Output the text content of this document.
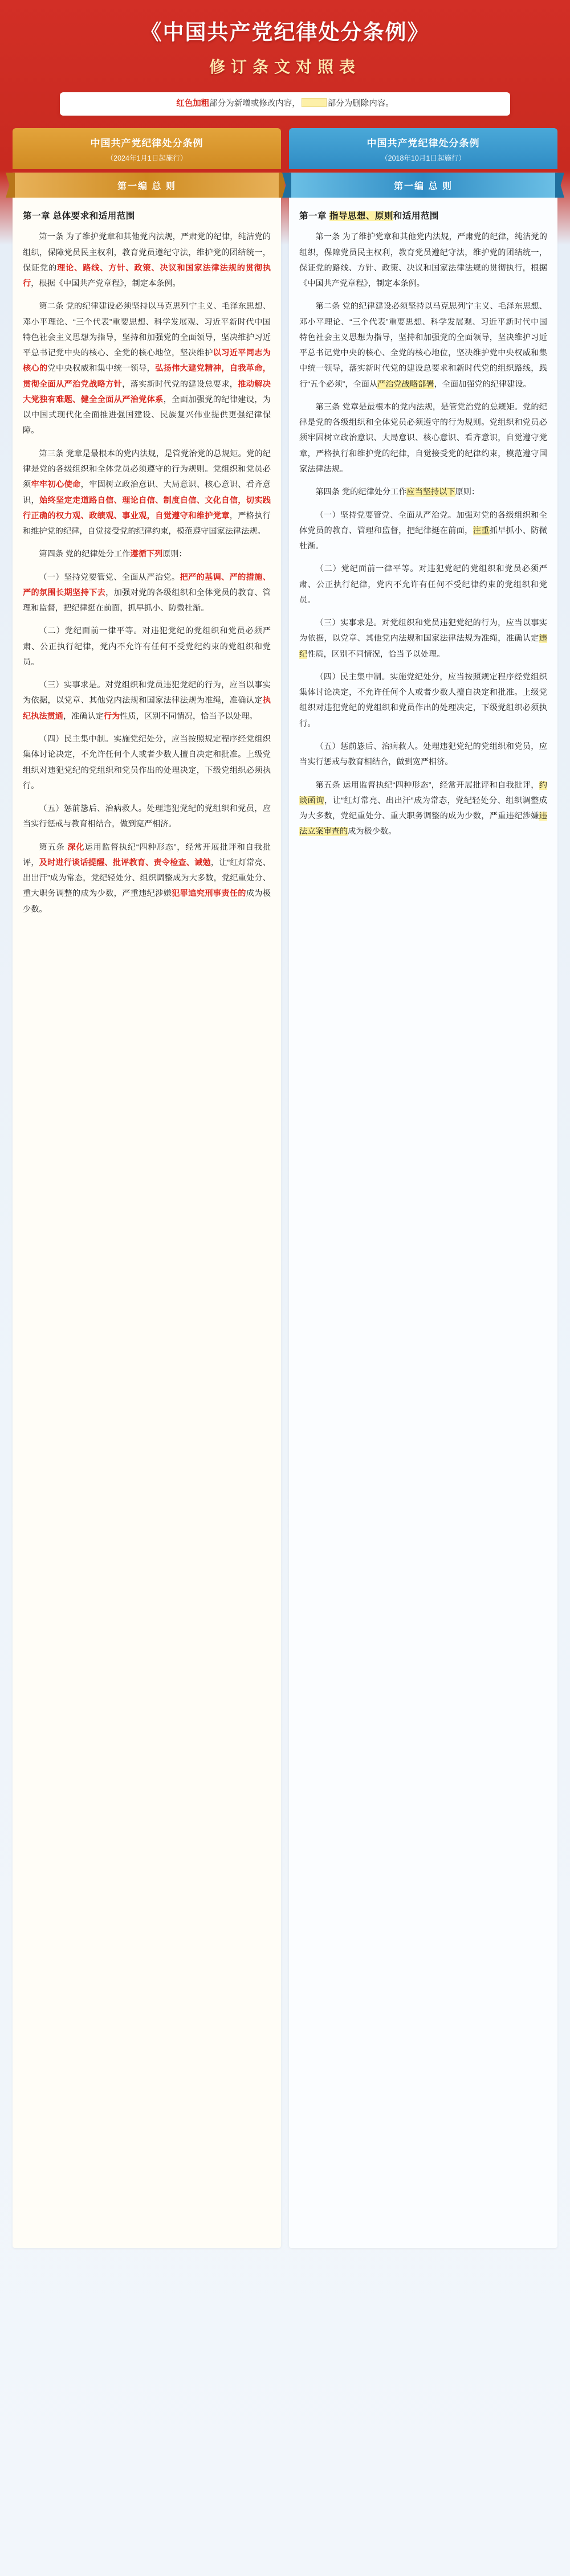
《中国共产党纪律处分条例》
修订条文对照表
红色加粗部分为新增或修改内容，	部分为删除内容。
中国共产党纪律处分条例
（2024年1月1日起施行）
第一编 总 则
第一章 总体要求和适用范围
第一条 为了维护党章和其他党内法规，严肃党的纪律，纯洁党的组织，保障党员民主权利，教育党员遵纪守法，维护党的团结统一，保证党的理论、路线、方针、政策、决议和国家法律法规的贯彻执行，根据《中国共产党章程》，制定本条例。
第二条 党的纪律建设必须坚持以马克思列宁主义、毛泽东思想、邓小平理论、“三个代表”重要思想、科学发展观、习近平新时代中国特色社会主义思想为指导，坚持和加强党的全面领导，坚决维护习近平总书记党中央的核心、全党的核心地位，坚决维护以习近平同志为核心的党中央权威和集中统一领导，弘扬伟大建党精神，自我革命，贯彻全面从严治党战略方针，落实新时代党的建设总要求，推动解决大党独有难题、健全全面从严治党体系，全面加强党的纪律建设，为以中国式现代化全面推进强国建设、民族复兴伟业提供更强纪律保障。
第三条 党章是最根本的党内法规，是管党治党的总规矩。党的纪律是党的各级组织和全体党员必须遵守的行为规则。党组织和党员必须牢牢初心使命，牢固树立政治意识、大局意识、核心意识、看齐意识，始终坚定走道路自信、理论自信、制度自信、文化自信，切实践行正确的权力观、政绩观、事业观，自觉遵守和维护党章，严格执行和维护党的纪律，自觉接受党的纪律约束，模范遵守国家法律法规。
第四条 党的纪律处分工作遵循下列原则：
（一）坚持党要管党、全面从严治党。把严的基调、严的措施、严的氛围长期坚持下去，加强对党的各级组织和全体党员的教育、管理和监督，把纪律挺在前面，抓早抓小、防微杜渐。
（二）党纪面前一律平等。对违犯党纪的党组织和党员必须严肃、公正执行纪律，党内不允许有任何不受党纪约束的党组织和党员。
（三）实事求是。对党组织和党员违犯党纪的行为，应当以事实为依据，以党章、其他党内法规和国家法律法规为准绳，准确认定执纪执法贯通，准确认定行为性质，区别不同情况，恰当予以处理。
（四）民主集中制。实施党纪处分，应当按照规定程序经党组织集体讨论决定，不允许任何个人或者少数人擅自决定和批准。上级党组织对违犯党纪的党组织和党员作出的处理决定，下级党组织必须执行。
（五）惩前毖后、治病救人。处理违犯党纪的党组织和党员，应当实行惩戒与教育相结合，做到宽严相济。
第五条 深化运用监督执纪“四种形态”，经常开展批评和自我批评，及时进行谈话提醒、批评教育、责令检查、诫勉，让“红灯常亮、出出汗”成为常态，党纪轻处分、组织调整成为大多数，党纪重处分、重大职务调整的成为少数，严重违纪涉嫌犯罪追究刑事责任的成为极少数。
中国共产党纪律处分条例
（2018年10月1日起施行）
第一编 总 则
第一章 指导思想、原则和适用范围
第一条 为了维护党章和其他党内法规，严肃党的纪律，纯洁党的组织，保障党员民主权利，教育党员遵纪守法，维护党的团结统一，保证党的路线、方针、政策、决议和国家法律法规的贯彻执行，根据《中国共产党章程》，制定本条例。
第二条 党的纪律建设必须坚持以马克思列宁主义、毛泽东思想、邓小平理论、“三个代表”重要思想、科学发展观、习近平新时代中国特色社会主义思想为指导，坚持和加强党的全面领导，坚决维护习近平总书记党中央的核心、全党的核心地位，坚决维护党中央权威和集中统一领导，落实新时代党的建设总要求和新时代党的组织路线，践行“五个必须”，全面从严治党战略部署，全面加强党的纪律建设。
第三条 党章是最根本的党内法规，是管党治党的总规矩。党的纪律是党的各级组织和全体党员必须遵守的行为规则。党组织和党员必须牢固树立政治意识、大局意识、核心意识、看齐意识，自觉遵守党章，严格执行和维护党的纪律，自觉接受党的纪律约束，模范遵守国家法律法规。
第四条 党的纪律处分工作应当坚持以下原则：
（一）坚持党要管党、全面从严治党。加强对党的各级组织和全体党员的教育、管理和监督，把纪律挺在前面，注重抓早抓小、防微杜渐。
（二）党纪面前一律平等。对违犯党纪的党组织和党员必须严肃、公正执行纪律，党内不允许有任何不受纪律约束的党组织和党员。
（三）实事求是。对党组织和党员违犯党纪的行为，应当以事实为依据，以党章、其他党内法规和国家法律法规为准绳，准确认定违纪性质，区别不同情况，恰当予以处理。
（四）民主集中制。实施党纪处分，应当按照规定程序经党组织集体讨论决定，不允许任何个人或者少数人擅自决定和批准。上级党组织对违犯党纪的党组织和党员作出的处理决定，下级党组织必须执行。
（五）惩前毖后、治病救人。处理违犯党纪的党组织和党员，应当实行惩戒与教育相结合，做到宽严相济。
第五条 运用监督执纪“四种形态”，经常开展批评和自我批评，约谈函询，让“红灯常亮、出出汗”成为常态，党纪轻处分、组织调整成为大多数，党纪重处分、重大职务调整的成为少数，严重违纪涉嫌违法立案审查的成为极少数。
